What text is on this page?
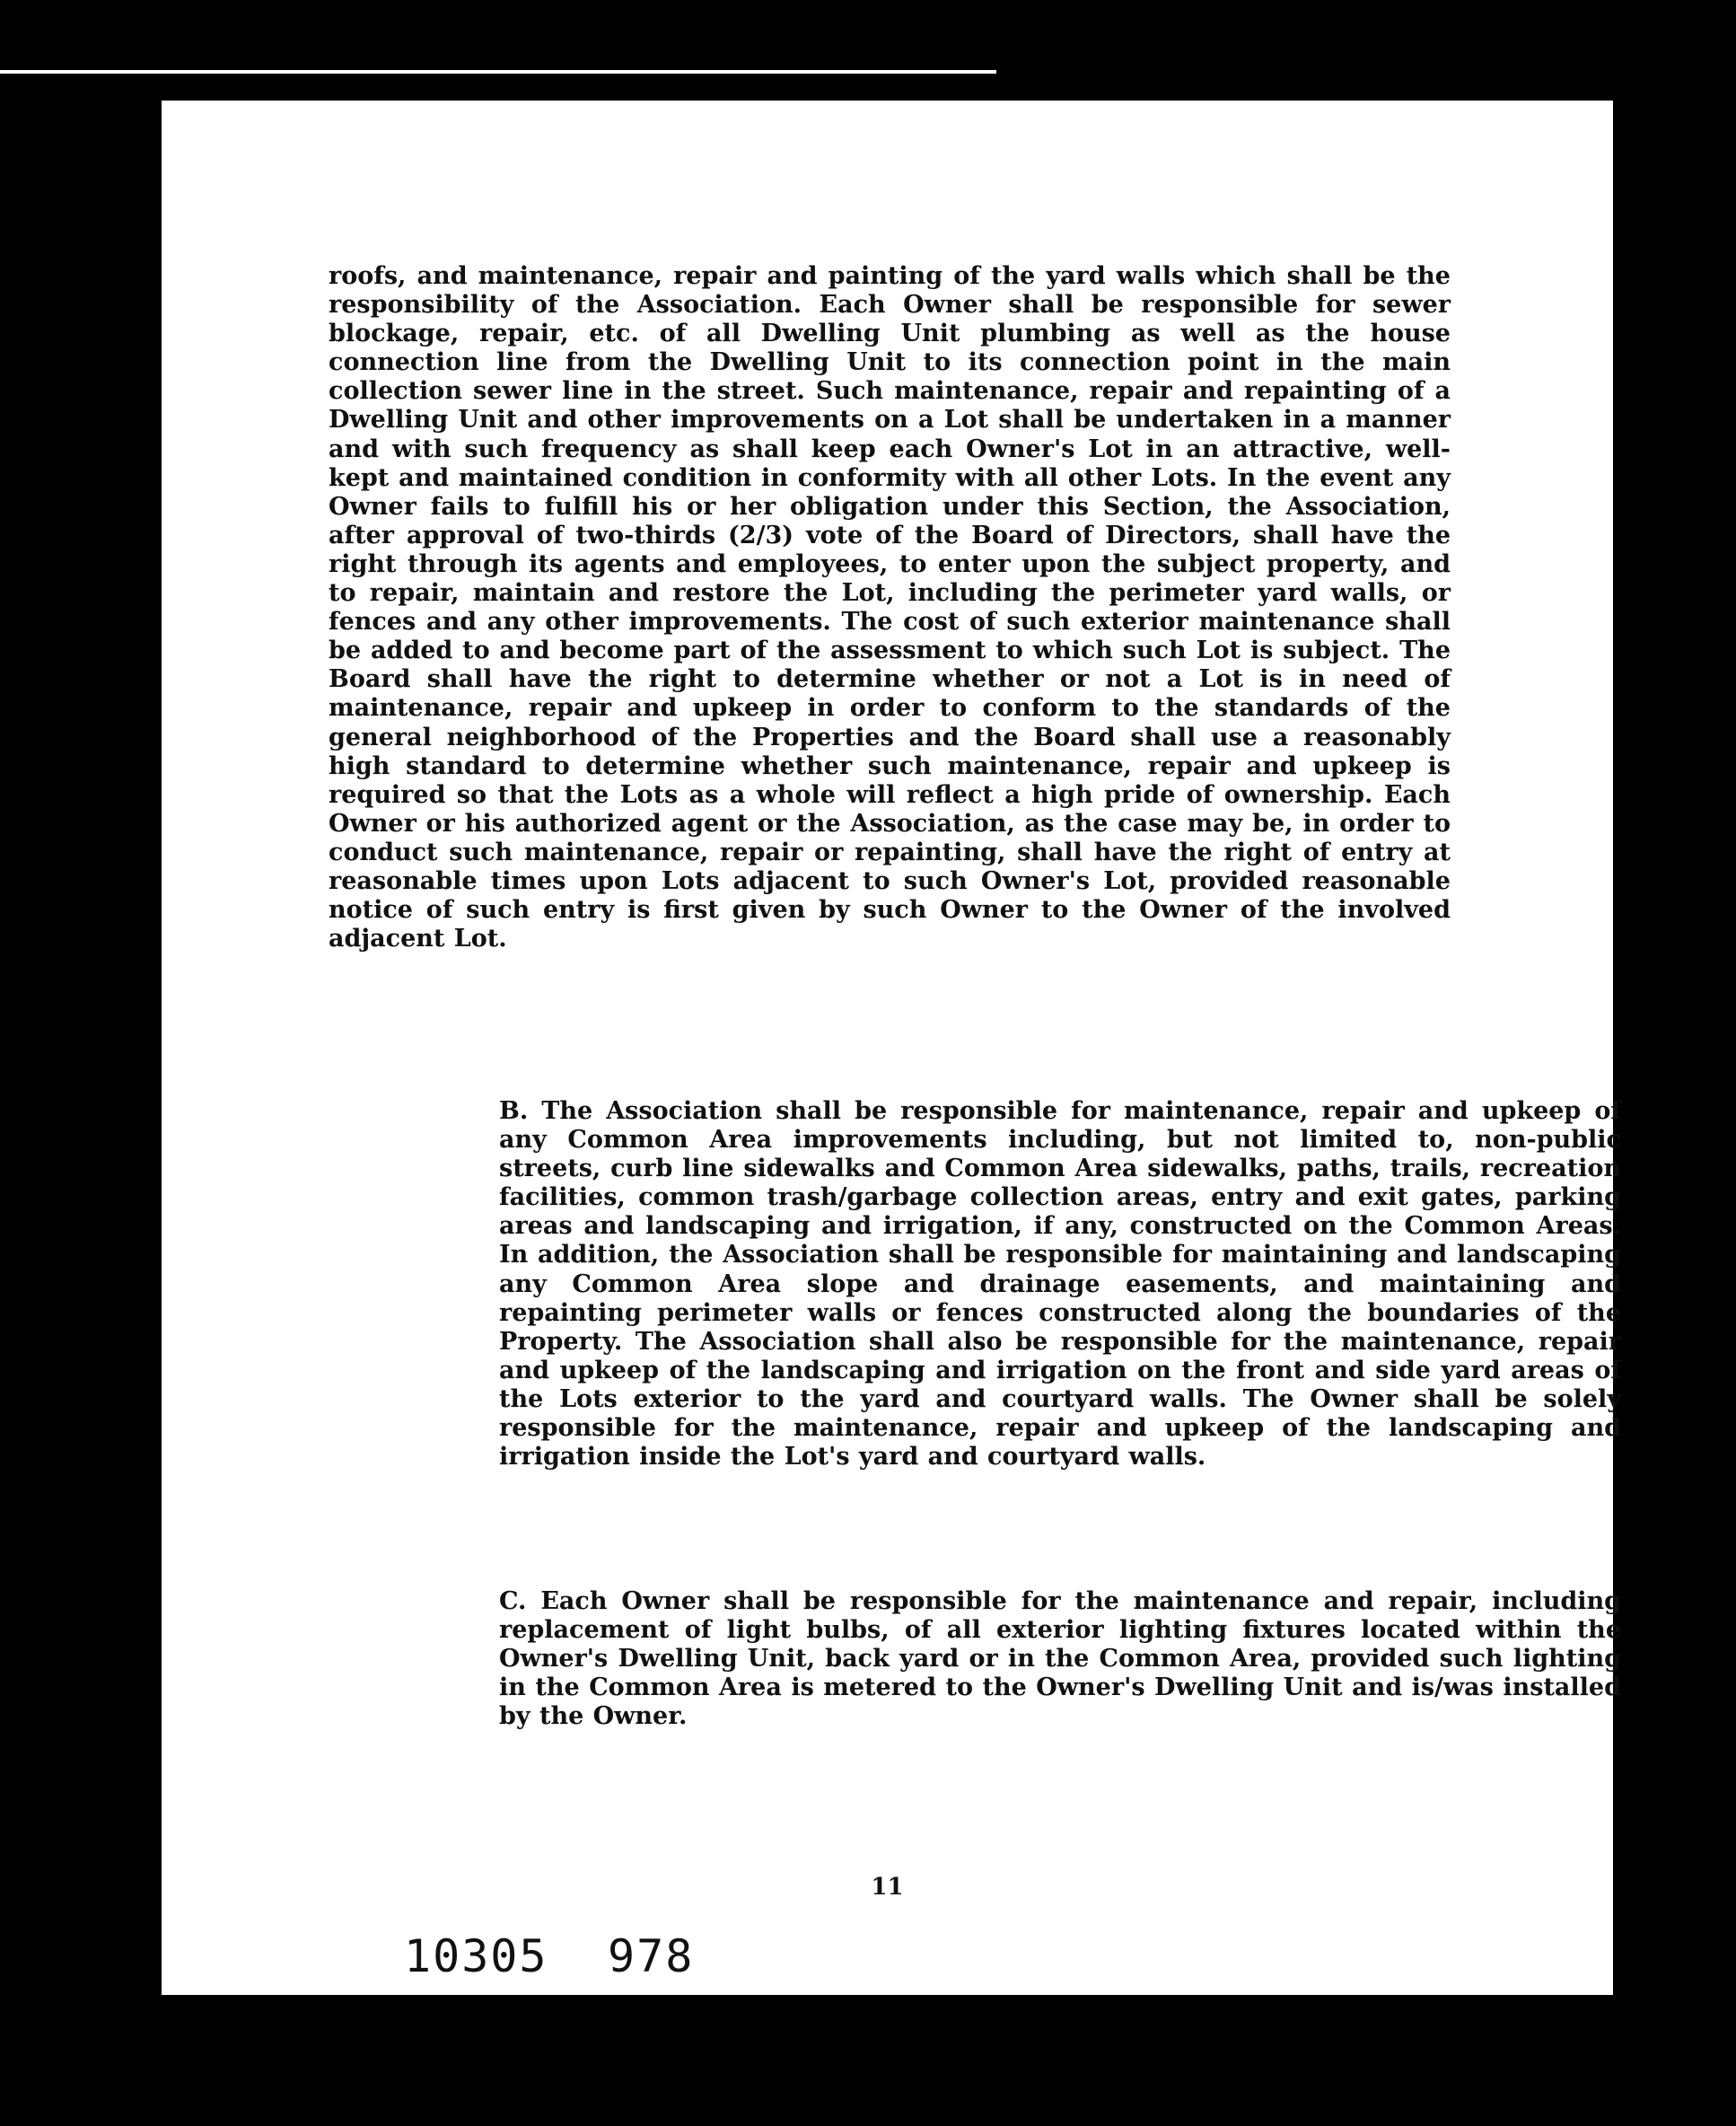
roofs, and maintenance, repair and painting of the yard walls which shall be the responsibility of the Association. Each Owner shall be responsible for sewer blockage, repair, etc. of all Dwelling Unit plumbing as well as the house connection line from the Dwelling Unit to its connection point in the main collection sewer line in the street. Such maintenance, repair and repainting of a Dwelling Unit and other improvements on a Lot shall be undertaken in a manner and with such frequency as shall keep each Owner's Lot in an attractive, well-kept and maintained condition in conformity with all other Lots. In the event any Owner fails to fulfill his or her obligation under this Section, the Association, after approval of two-thirds (2/3) vote of the Board of Directors, shall have the right through its agents and employees, to enter upon the subject property, and to repair, maintain and restore the Lot, including the perimeter yard walls, or fences and any other improvements. The cost of such exterior maintenance shall be added to and become part of the assessment to which such Lot is subject. The Board shall have the right to determine whether or not a Lot is in need of maintenance, repair and upkeep in order to conform to the standards of the general neighborhood of the Properties and the Board shall use a reasonably high standard to determine whether such maintenance, repair and upkeep is required so that the Lots as a whole will reflect a high pride of ownership. Each Owner or his authorized agent or the Association, as the case may be, in order to conduct such maintenance, repair or repainting, shall have the right of entry at reasonable times upon Lots adjacent to such Owner's Lot, provided reasonable notice of such entry is first given by such Owner to the Owner of the involved adjacent Lot.
B. The Association shall be responsible for maintenance, repair and upkeep of any Common Area improvements including, but not limited to, non-public streets, curb line sidewalks and Common Area sidewalks, paths, trails, recreation facilities, common trash/garbage collection areas, entry and exit gates, parking areas and landscaping and irrigation, if any, constructed on the Common Areas. In addition, the Association shall be responsible for maintaining and landscaping any Common Area slope and drainage easements, and maintaining and repainting perimeter walls or fences constructed along the boundaries of the Property. The Association shall also be responsible for the maintenance, repair and upkeep of the landscaping and irrigation on the front and side yard areas of the Lots exterior to the yard and courtyard walls. The Owner shall be solely responsible for the maintenance, repair and upkeep of the landscaping and irrigation inside the Lot's yard and courtyard walls.
C. Each Owner shall be responsible for the maintenance and repair, including replacement of light bulbs, of all exterior lighting fixtures located within the Owner's Dwelling Unit, back yard or in the Common Area, provided such lighting in the Common Area is metered to the Owner's Dwelling Unit and is/was installed by the Owner.
11
10305 978
